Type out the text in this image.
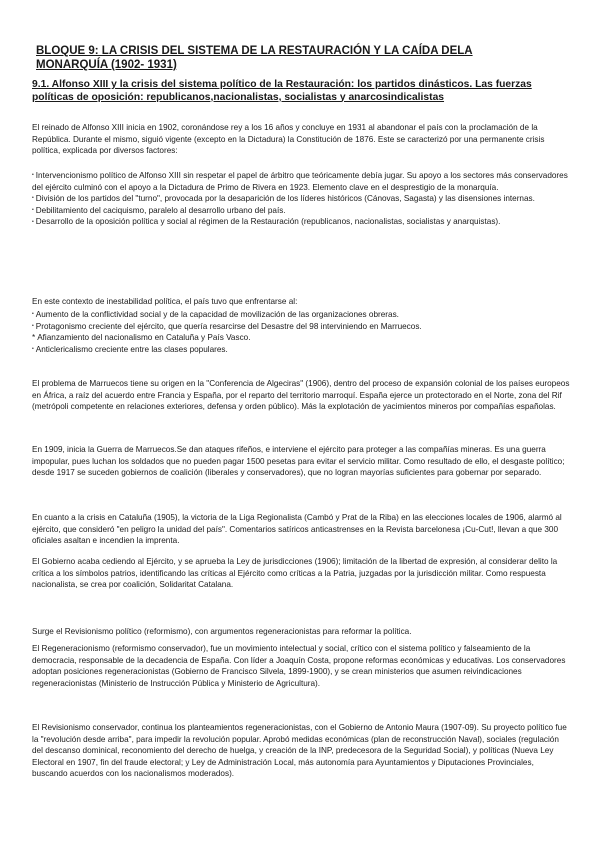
BLOQUE 9: LA CRISIS DEL SISTEMA DE LA RESTAURACIÓN Y LA CAÍDA DELA MONARQUÍA (1902- 1931)
9.1. Alfonso XIII y la crisis del sistema político de la Restauración: los partidos dinásticos. Las fuerzas políticas de oposición: republicanos,nacionalistas, socialistas y anarcosindicalistas
El reinado de Alfonso XIII inicia en 1902, coronándose rey a los 16 años y concluye en 1931 al abandonar el país con la proclamación de la República. Durante el mismo, siguió vigente (excepto en la Dictadura) la Constitución de 1876. Este se caracterizó por una permanente crisis política, explicada por diversos factores:

• Intervencionismo político de Alfonso XIII sin respetar el papel de árbitro que teóricamente debía jugar. Su apoyo a los sectores más conservadores del ejército culminó con el apoyo a la Dictadura de Primo de Rivera en 1923. Elemento clave en el desprestigio de la monarquía.

• División de los partidos del "turno", provocada por la desaparición de los líderes históricos (Cánovas, Sagasta) y las disensiones internas.

• Debilitamiento del caciquismo, paralelo al desarrollo urbano del país.

• Desarrollo de la oposición política y social al régimen de la Restauración (republicanos, nacionalistas, socialistas y anarquistas).

En este contexto de inestabilidad política, el país tuvo que enfrentarse al:

• Aumento de la conflictividad social y de la capacidad de movilización de las organizaciones obreras.

• Protagonismo creciente del ejército, que quería resarcirse del Desastre del 98 interviniendo en Marruecos.

* Afianzamiento del nacionalismo en Cataluña y País Vasco.

• Anticlericalismo creciente entre las clases populares.

El problema de Marruecos tiene su origen en la "Conferencia de Algeciras" (1906), dentro del proceso de expansión colonial de los países europeos en África, a raíz del acuerdo entre Francia y España, por el reparto del territorio marroquí. España ejerce un protectorado en el Norte, zona del Rif (metrópoli competente en relaciones exteriores, defensa y orden público). Más la explotación de yacimientos mineros por compañías españolas.
En 1909, inicia la Guerra de Marruecos.Se dan ataques rifeños, e interviene el ejército para proteger a las compañías mineras. Es una guerra impopular, pues luchan los soldados que no pueden pagar 1500 pesetas para evitar el servicio militar. Como resultado de ello, el desgaste político; desde 1917 se suceden gobiernos de coalición (liberales y conservadores), que no logran mayorías suficientes para gobernar por separado.
En cuanto a la crisis en Cataluña (1905), la victoria de la Liga Regionalista (Cambó y Prat de la Riba) en las elecciones locales de 1906, alarmó al ejército, que consideró "en peligro la unidad del país". Comentarios satíricos anticastrenses en la Revista barcelonesa ¡Cu-Cut!, llevan a que 300 oficiales asaltan e incendien la imprenta.
El Gobierno acaba cediendo al Ejército, y se aprueba la Ley de jurisdicciones (1906); limitación de la libertad de expresión, al considerar delito la crítica a los símbolos patrios, identificando las críticas al Ejército como críticas a la Patria, juzgadas por la jurisdicción militar. Como respuesta nacionalista, se crea por coalición, Solidaritat Catalana.
Surge el Revisionismo político (reformismo), con argumentos regeneracionistas para reformar la política.
El Regeneracionismo (reformismo conservador), fue un movimiento intelectual y social, crítico con el sistema político y falseamiento de la democracia, responsable de la decadencia de España. Con líder a Joaquín Costa, propone reformas económicas y educativas. Los conservadores adoptan posiciones regeneracionistas (Gobierno de Francisco Silvela, 1899-1900), y se crean ministerios que asumen reivindicaciones regeneracionistas (Ministerio de Instrucción Pública y Ministerio de Agricultura).
El Revisionismo conservador, continua los planteamientos regeneracionistas, con el Gobierno de Antonio Maura (1907-09). Su proyecto político fue la "revolución desde arriba", para impedir la revolución popular. Aprobó medidas económicas (plan de reconstrucción Naval), sociales (regulación del descanso dominical, reconomiento del derecho de huelga, y creación de la INP, predecesora de la Seguridad Social), y políticas (Nueva Ley Electoral en 1907, fin del fraude electoral; y Ley de Administración Local, más autonomía para Ayuntamientos y Diputaciones Provinciales, buscando acuerdos con los nacionalismos moderados).
